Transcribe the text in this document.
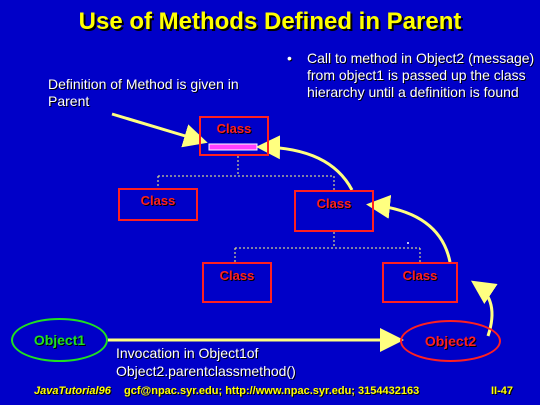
Use of Methods Defined in Parent
Definition of Method is given in Parent
• Call to method in Object2 (message) from object1 is passed up the class hierarchy until a definition is found
Class
Class	Class
Class	Class
Object1	Object2
Invocation in Object1of
Object2.parentclassmethod()
JavaTutorial96 gcf@npac.syr.edu; http://www.npac.syr.edu; 3154432163	II-47
